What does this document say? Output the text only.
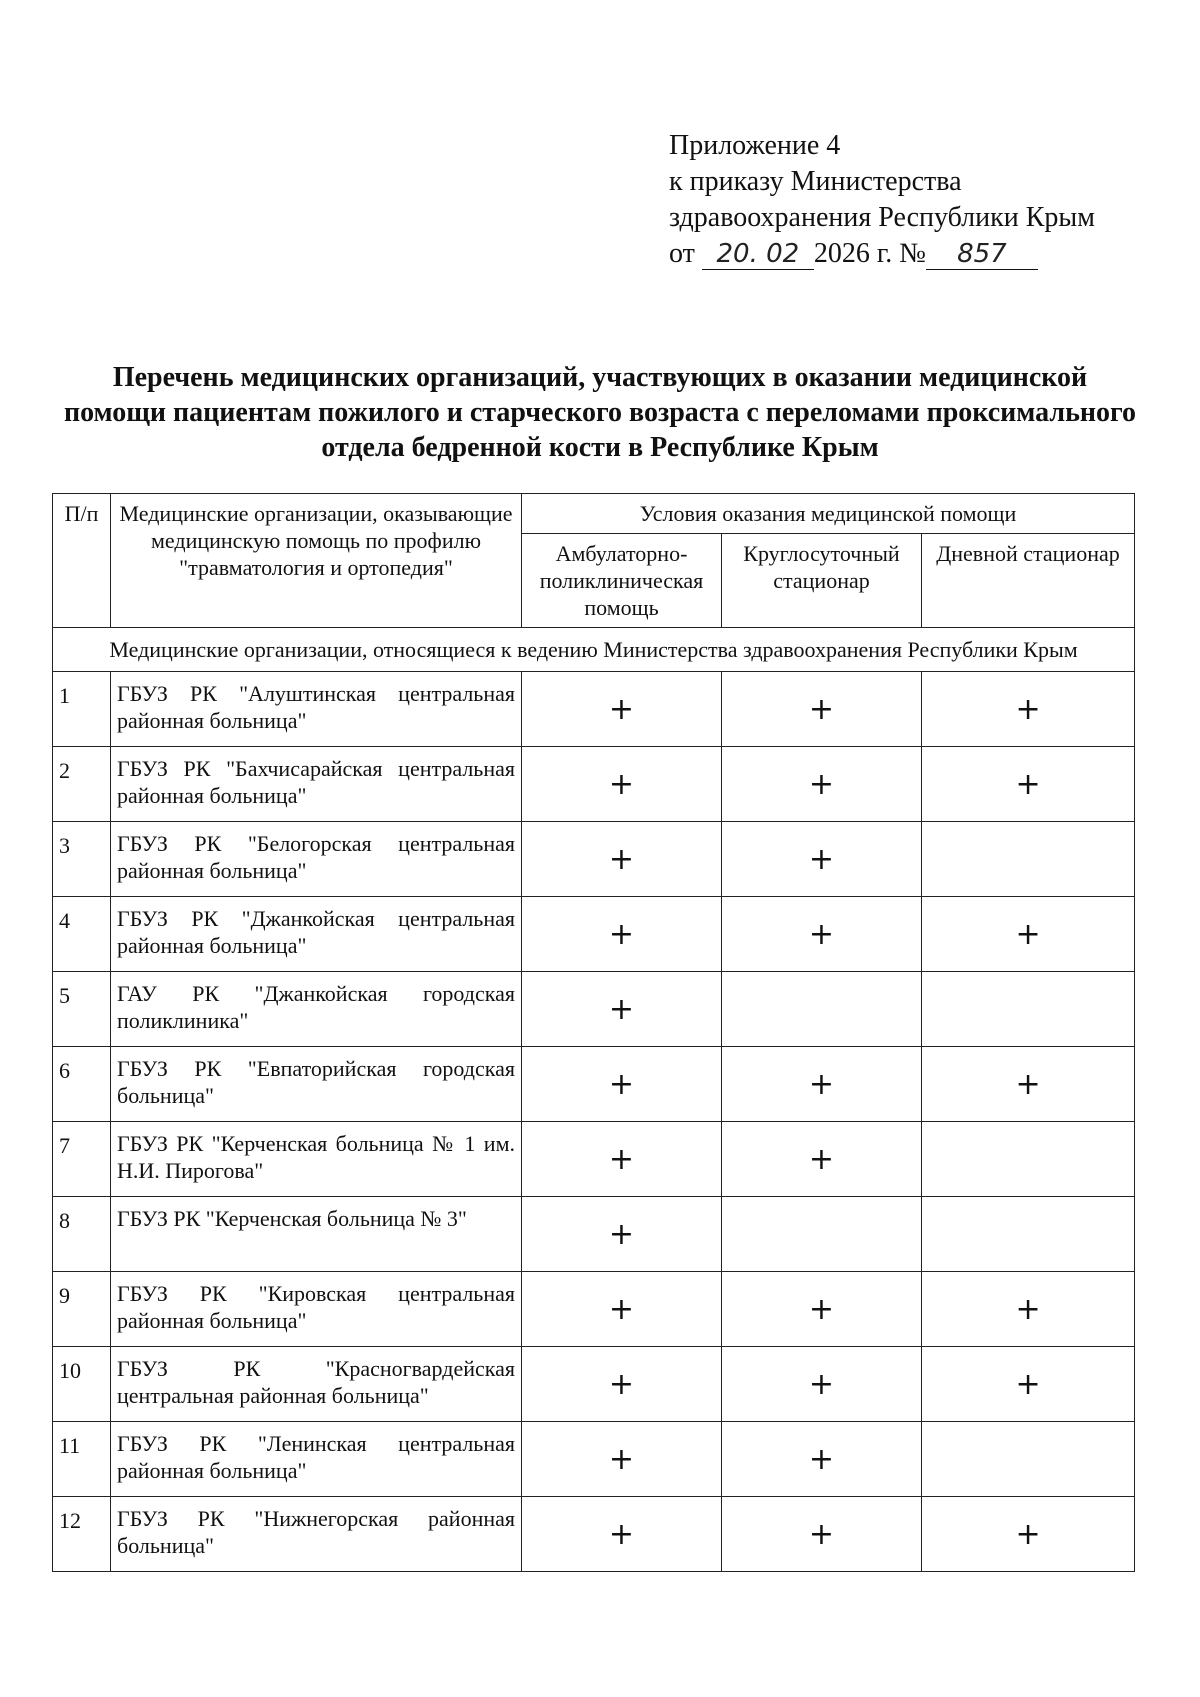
Приложение 4
к приказу Министерства
здравоохранения Республики Крым
от 20. 02 2026 г. № 857
Перечень медицинских организаций, участвующих в оказании медицинской помощи пациентам пожилого и старческого возраста с переломами проксимального отдела бедренной кости в Республике Крым
П/п	Медицинские организации, оказывающие медицинскую помощь по профилю "травматология и ортопедия"	Условия оказания медицинской помощи		
		Амбулаторно-поликлиническая помощь	Круглосуточный стационар	Дневной стационар
Медицинские организации, относящиеся к ведению Министерства здравоохранения Республики Крым				
1	ГБУЗ РК "Алуштинская центральная районная больница"	+	+	+
2	ГБУЗ РК "Бахчисарайская центральная районная больница"	+	+	+
3	ГБУЗ РК "Белогорская центральная районная больница"	+	+	
4	ГБУЗ РК "Джанкойская центральная районная больница"	+	+	+
5	ГАУ РК "Джанкойская городская поликлиника"	+		
6	ГБУЗ РК "Евпаторийская городская больница"	+	+	+
7	ГБУЗ РК "Керченская больница № 1 им. Н.И. Пирогова"	+	+	
8	ГБУЗ РК "Керченская больница № 3"	+		
9	ГБУЗ РК "Кировская центральная районная больница"	+	+	+
10	ГБУЗ РК "Красногвардейская центральная районная больница"	+	+	+
11	ГБУЗ РК "Ленинская центральная районная больница"	+	+	
12	ГБУЗ РК "Нижнегорская районная больница"	+	+	+
